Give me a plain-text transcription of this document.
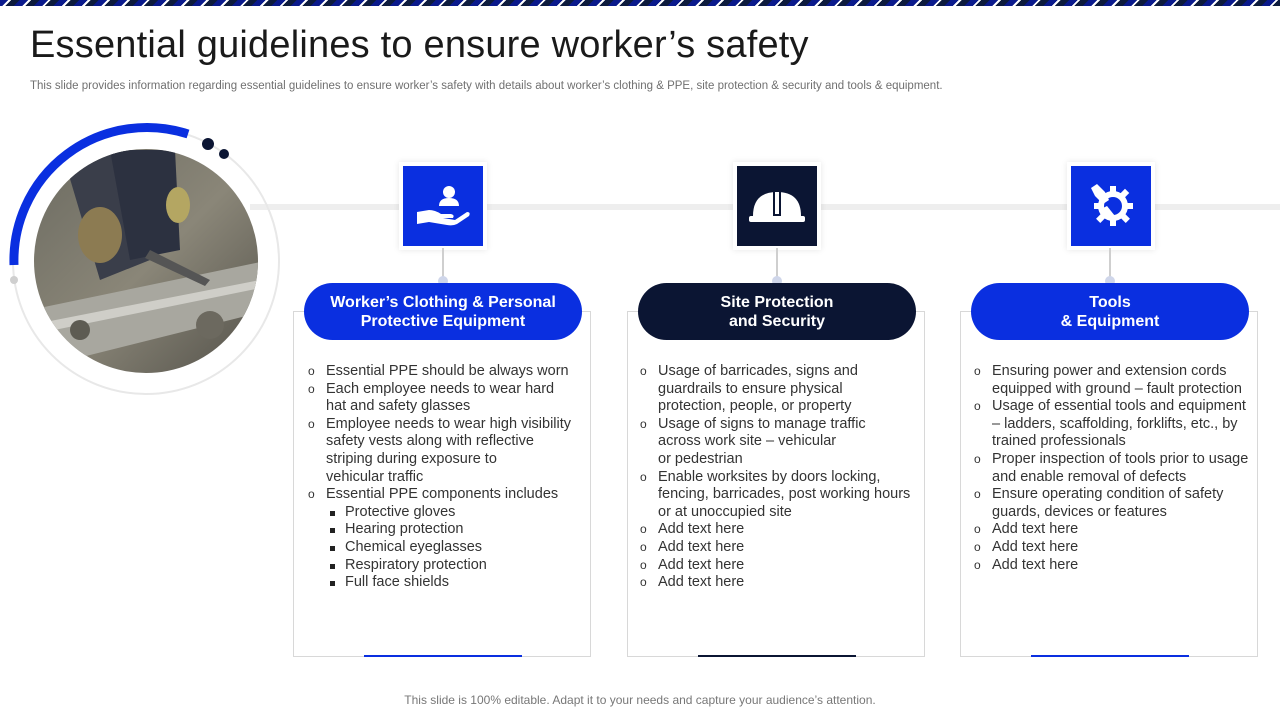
Essential guidelines to ensure worker’s safety
This slide provides information regarding essential guidelines to ensure worker’s safety with details about worker’s clothing & PPE, site protection & security and tools & equipment.
Worker’s Clothing & Personal
Protective Equipment
o Essential PPE should be always worn
o Each employee needs to wear hard
hat and safety glasses
o Employee needs to wear high visibility
safety vests along with reflective
striping during exposure to
vehicular traffic
o Essential PPE components includes
Protective gloves
Hearing protection
Chemical eyeglasses
Respiratory protection
Full face shields
Site Protection
and Security
o Usage of barricades, signs and
guardrails to ensure physical
protection, people, or property
o Usage of signs to manage traffic
across work site – vehicular
or pedestrian
o Enable worksites by doors locking,
fencing, barricades, post working hours
or at unoccupied site
o Add text here
o Add text here
o Add text here
o Add text here
Tools
& Equipment
o Ensuring power and extension cords
equipped with ground – fault protection
o Usage of essential tools and equipment
– ladders, scaffolding, forklifts, etc., by
trained professionals
o Proper inspection of tools prior to usage
and enable removal of defects
o Ensure operating condition of safety
guards, devices or features
o Add text here
o Add text here
o Add text here
This slide is 100% editable. Adapt it to your needs and capture your audience’s attention.
